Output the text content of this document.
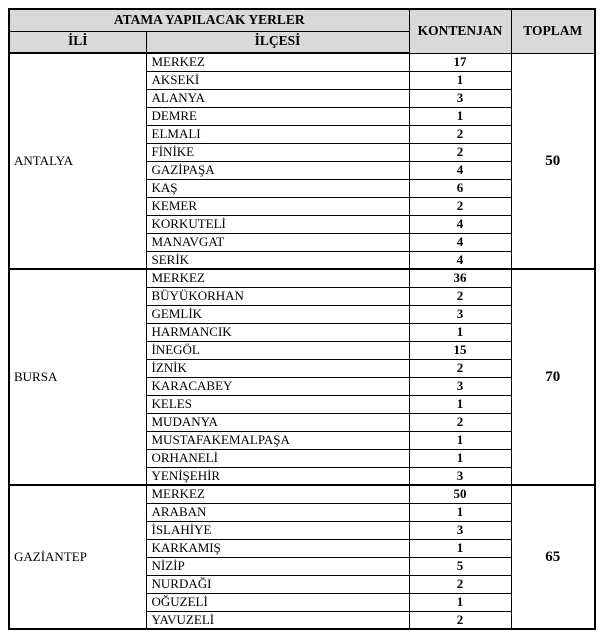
ATAMA YAPILACAK YERLER		KONTENJAN	TOPLAM
İLİ	İLÇESİ		
ANTALYA	MERKEZ	17	50
	AKSEKİ	1	
	ALANYA	3	
	DEMRE	1	
	ELMALI	2	
	FİNİKE	2	
	GAZİPAŞA	4	
	KAŞ	6	
	KEMER	2	
	KORKUTELİ	4	
	MANAVGAT	4	
	SERİK	4	
BURSA	MERKEZ	36	70
	BÜYÜKORHAN	2	
	GEMLİK	3	
	HARMANCIK	1	
	İNEGÖL	15	
	İZNİK	2	
	KARACABEY	3	
	KELES	1	
	MUDANYA	2	
	MUSTAFAKEMALPAŞA	1	
	ORHANELİ	1	
	YENİŞEHİR	3	
GAZİANTEP	MERKEZ	50	65
	ARABAN	1	
	İSLAHİYE	3	
	KARKAMIŞ	1	
	NİZİP	5	
	NURDAĞI	2	
	OĞUZELİ	1	
	YAVUZELİ	2	
